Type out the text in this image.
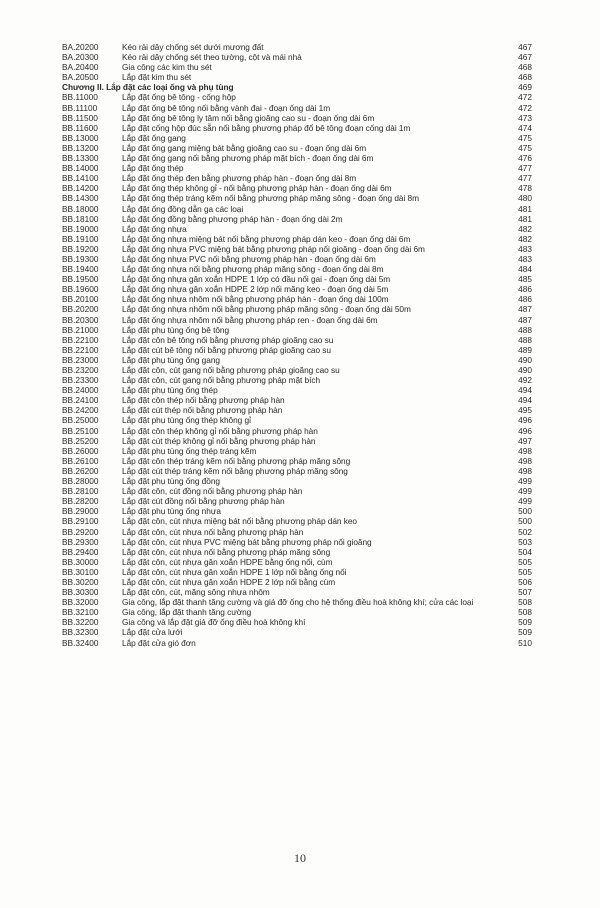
BA.20200	Kéo rải dây chống sét dưới mương đất	467
BA.20300	Kéo rải dây chống sét theo tường, cột và mái nhà	467
BA.20400	Gia công các kim thu sét	468
BA.20500	Lắp đặt kim thu sét	468
Chương II. Lắp đặt các loại ống và phụ tùng	469
BB.11000	Lắp đặt ống bê tông - cống hộp	472
BB.11100	Lắp đặt ống bê tông nối bằng vành đai - đoạn ống dài 1m	472
BB.11500	Lắp đặt ống bê tông ly tâm nối bằng gioăng cao su - đoạn ống dài 6m	473
BB.11600	Lắp đặt cống hộp đúc sẵn nối bằng phương pháp đổ bê tông đoạn cống dài 1m	474
BB.13000	Lắp đặt ống gang	475
BB.13200	Lắp đặt ống gang miệng bát bằng gioăng cao su - đoạn ống dài 6m	475
BB.13300	Lắp đặt ống gang nối bằng phương pháp mặt bích - đoạn ống dài 6m	476
BB.14000	Lắp đặt ống thép	477
BB.14100	Lắp đặt ống thép đen bằng phương pháp hàn - đoạn ống dài 8m	477
BB.14200	Lắp đặt ống thép không gỉ - nối bằng phương pháp hàn - đoạn ống dài 6m	478
BB.14300	Lắp đặt ống thép tráng kẽm nối bằng phương pháp măng sông - đoạn ống dài 8m	480
BB.18000	Lắp đặt ống đồng dẫn ga các loại	481
BB.18100	Lắp đặt ống đồng bằng phương pháp hàn - đoạn ống dài 2m	481
BB.19000	Lắp đặt ống nhựa	482
BB.19100	Lắp đặt ống nhựa miệng bát nối bằng phương pháp dán keo - đoạn ống dài 6m	482
BB.19200	Lắp đặt ống nhựa PVC miệng bát bằng phương pháp nối gioăng - đoạn ống dài 6m	483
BB.19300	Lắp đặt ống nhựa PVC nối bằng phương pháp hàn - đoạn ống dài 6m	483
BB.19400	Lắp đặt ống nhựa nối bằng phương pháp măng sông - đoạn ống dài 8m	484
BB.19500	Lắp đặt ống nhựa gân xoắn HDPE 1 lớp có đầu nối gai - đoạn ống dài 5m	485
BB.19600	Lắp đặt ống nhựa gân xoắn HDPE 2 lớp nối măng keo - đoạn ống dài 5m	486
BB.20100	Lắp đặt ống nhựa nhôm nối bằng phương pháp hàn - đoạn ống dài 100m	486
BB.20200	Lắp đặt ống nhựa nhôm nối bằng phương pháp măng sông - đoạn ống dài 50m	487
BB.20300	Lắp đặt ống nhựa nhôm nối bằng phương pháp ren - đoạn ống dài 6m	487
BB.21000	Lắp đặt phụ tùng ống bê tông	488
BB.22100	Lắp đặt côn bê tông nối bằng phương pháp gioăng cao su	488
BB.22100	Lắp đặt cút bê tông nối bằng phương pháp gioăng cao su	489
BB.23000	Lắp đặt phụ tùng ống gang	490
BB.23200	Lắp đặt côn, cút gang nối bằng phương pháp gioăng cao su	490
BB.23300	Lắp đặt côn, cút gang nối bằng phương pháp mặt bích	492
BB.24000	Lắp đặt phụ tùng ống thép	494
BB.24100	Lắp đặt côn thép nối bằng phương pháp hàn	494
BB.24200	Lắp đặt cút thép nối bằng phương pháp hàn	495
BB.25000	Lắp đặt phụ tùng ống thép không gỉ	496
BB.25100	Lắp đặt côn thép không gỉ nối bằng phương pháp hàn	496
BB.25200	Lắp đặt cút thép không gỉ nối bằng phương pháp hàn	497
BB.26000	Lắp đặt phụ tùng ống thép tráng kẽm	498
BB.26100	Lắp đặt côn thép tráng kẽm nối bằng phương pháp măng sông	498
BB.26200	Lắp đặt cút thép tráng kẽm nối bằng phương pháp măng sông	498
BB.28000	Lắp đặt phụ tùng ống đồng	499
BB.28100	Lắp đặt côn, cút đồng nối bằng phương pháp hàn	499
BB.28200	Lắp đặt cút đồng nối bằng phương pháp hàn	499
BB.29000	Lắp đặt phụ tùng ống nhựa	500
BB.29100	Lắp đặt côn, cút nhựa miệng bát nối bằng phương pháp dán keo	500
BB.29200	Lắp đặt côn, cút nhựa nối bằng phương pháp hàn	502
BB.29300	Lắp đặt côn, cút nhựa PVC miệng bát bằng phương pháp nối gioăng	503
BB.29400	Lắp đặt côn, cút nhựa nối bằng phương pháp măng sông	504
BB.30000	Lắp đặt côn, cút nhựa gân xoắn HDPE bằng ống nối, cùm	505
BB.30100	Lắp đặt côn, cút nhựa gân xoắn HDPE 1 lớp nối bằng ống nối	505
BB.30200	Lắp đặt côn, cút nhựa gân xoắn HDPE 2 lớp nối bằng cùm	506
BB.30300	Lắp đặt côn, cút, măng sông nhựa nhôm	507
BB.32000	Gia công, lắp đặt thanh tăng cường và giá đỡ ống cho hệ thống điều hoà không khí; cửa các loại	508
BB.32100	Gia công, lắp đặt thanh tăng cường	508
BB.32200	Gia công và lắp đặt giá đỡ ống điều hoà không khí	509
BB.32300	Lắp đặt cửa lưới	509
BB.32400	Lắp đặt cửa gió đơn	510
10
